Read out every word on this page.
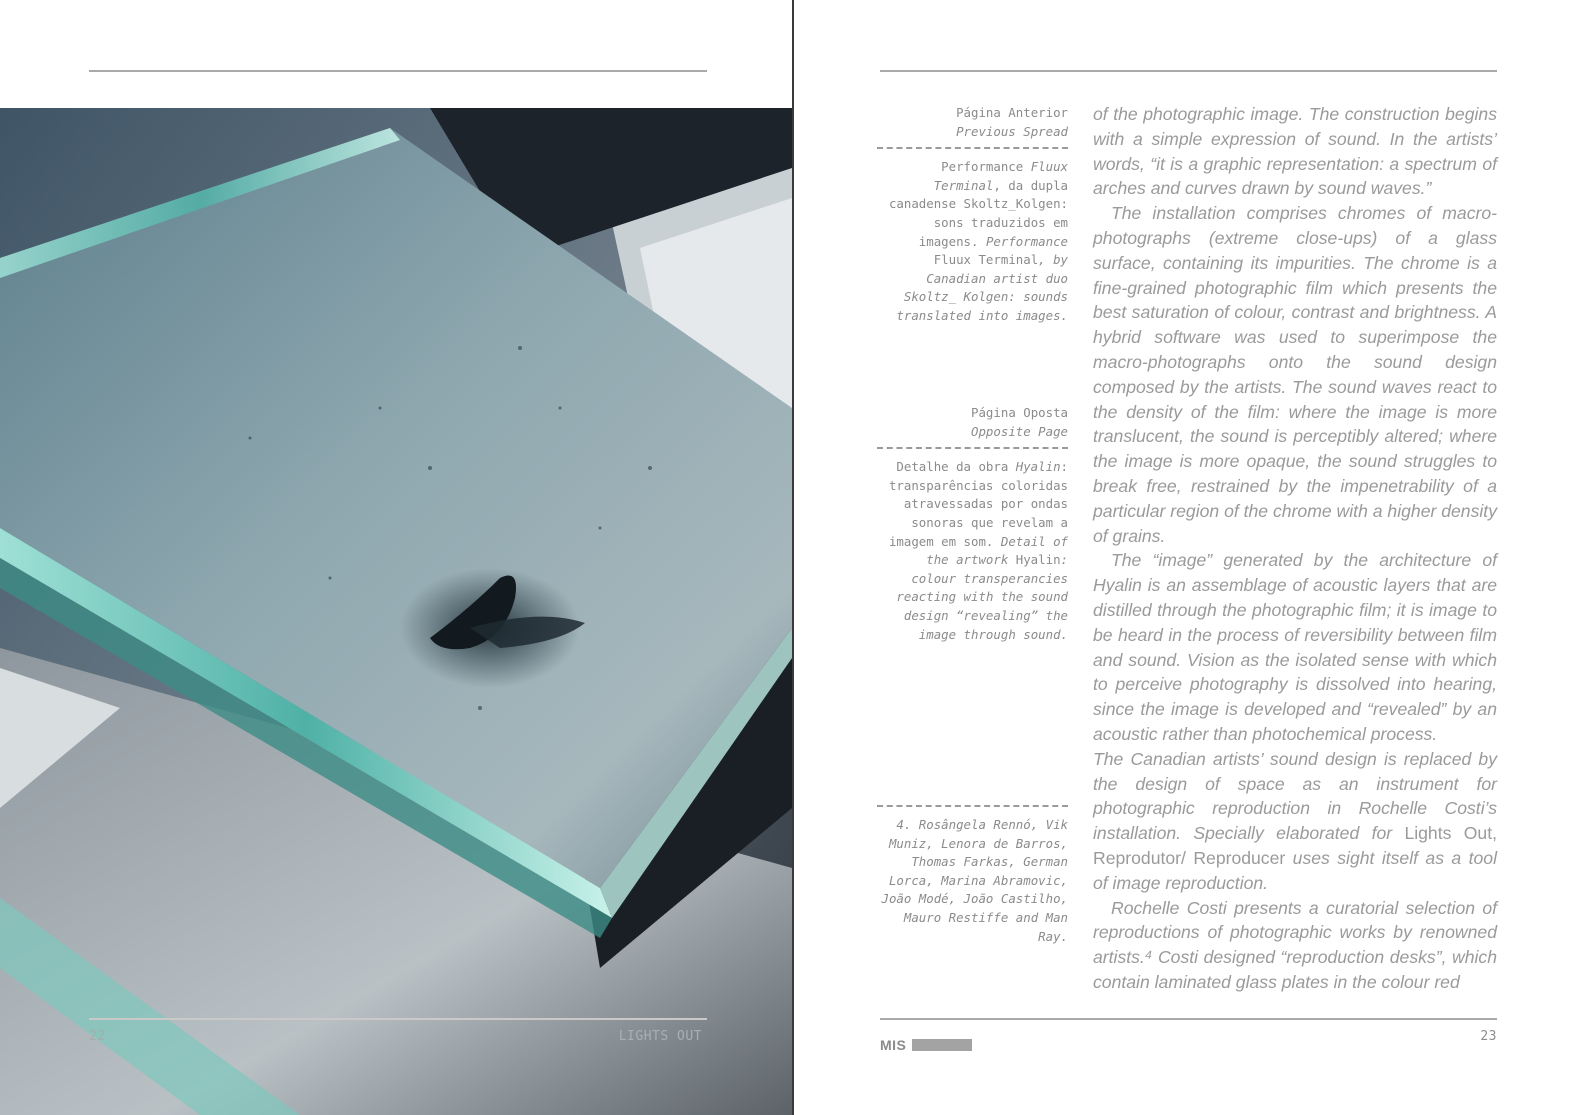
22	LIGHTS OUT

Página Anterior

Previous Spread

Performance Fluux Terminal, da dupla canadense Skoltz_Kolgen: sons traduzidos em imagens. Performance Fluux Terminal, by Canadian artist duo Skoltz_ Kolgen: sounds translated into images.

Página Oposta

Opposite Page

Detalhe da obra Hyalin: transparências coloridas atravessadas por ondas sonoras que revelam a imagem em som. Detail of the artwork Hyalin: colour transperancies reacting with the sound design “revealing” the image through sound.

4. Rosângela Rennó, Vik Muniz, Lenora de Barros, Thomas Farkas, German Lorca, Marina Abramovic, João Modé, João Castilho, Mauro Restiffe and Man Ray.

of the photographic image. The construction begins with a simple expression of sound. In the artists’ words, “it is a graphic representation: a spectrum of arches and curves drawn by sound waves.”

The installation comprises chromes of macro-photographs (extreme close-ups) of a glass surface, containing its impurities. The chrome is a fine-grained photographic film which presents the best saturation of colour, contrast and brightness. A hybrid software was used to superimpose the macro-photographs onto the sound design composed by the artists. The sound waves react to the density of the film: where the image is more translucent, the sound is perceptibly altered; where the image is more opaque, the sound struggles to break free, restrained by the impenetrability of a particular region of the chrome with a higher density of grains.

The “image” generated by the architecture of Hyalin is an assemblage of acoustic layers that are distilled through the photographic film; it is image to be heard in the process of reversibility between film and sound. Vision as the isolated sense with which to perceive photography is dissolved into hearing, since the image is developed and “revealed” by an acoustic rather than photochemical process.

The Canadian artists’ sound design is replaced by the design of space as an instrument for photographic reproduction in Rochelle Costi’s installation. Specially elaborated for Lights Out, Reprodutor/ Reproducer uses sight itself as a tool of image reproduction.

Rochelle Costi presents a curatorial selection of reproductions of photographic works by renowned artists.⁴ Costi designed “reproduction desks”, which contain laminated glass plates in the colour red

MIS
23
